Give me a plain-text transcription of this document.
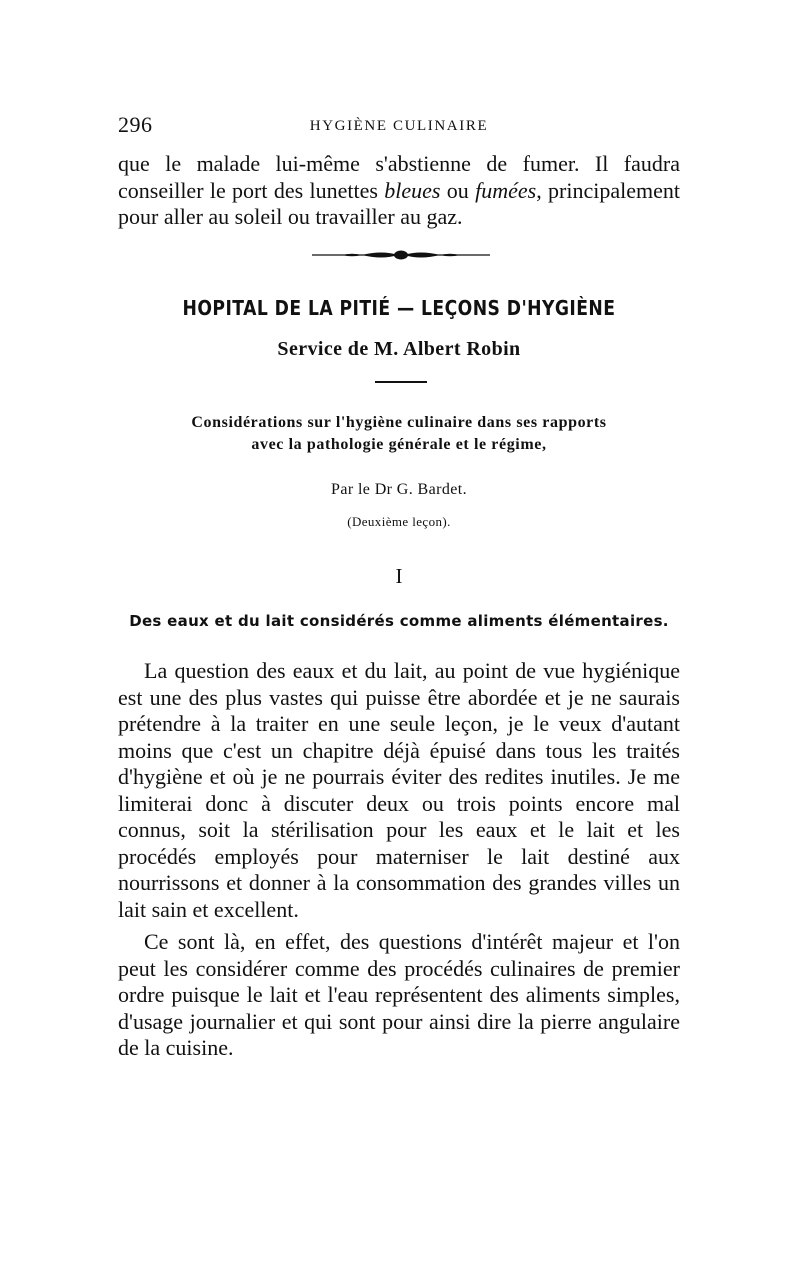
296	HYGIÈNE CULINAIRE

que le malade lui-même s'abstienne de fumer. Il faudra conseiller le port des lunettes bleues ou fumées, principalement pour aller au soleil ou travailler au gaz.

HOPITAL DE LA PITIÉ — LEÇONS D'HYGIÈNE
Service de M. Albert Robin
Considérations sur l'hygiène culinaire dans ses rapports
avec la pathologie générale et le régime,
Par le Dr G. Bardet.
(Deuxième leçon).
I
Des eaux et du lait considérés comme aliments élémentaires.

La question des eaux et du lait, au point de vue hygiénique est une des plus vastes qui puisse être abordée et je ne saurais prétendre à la traiter en une seule leçon, je le veux d'autant moins que c'est un chapitre déjà épuisé dans tous les traités d'hygiène et où je ne pourrais éviter des redites inutiles. Je me limiterai donc à discuter deux ou trois points encore mal connus, soit la stérilisation pour les eaux et le lait et les procédés employés pour materniser le lait destiné aux nourrissons et donner à la consommation des grandes villes un lait sain et excellent.

Ce sont là, en effet, des questions d'intérêt majeur et l'on peut les considérer comme des procédés culinaires de premier ordre puisque le lait et l'eau représentent des aliments simples, d'usage journalier et qui sont pour ainsi dire la pierre angulaire de la cuisine.
